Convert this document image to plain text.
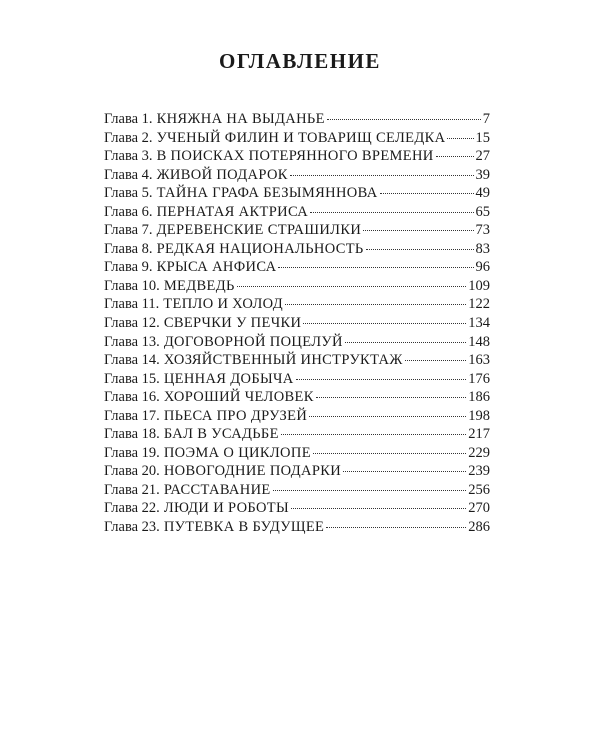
ОГЛАВЛЕНИЕ
Глава 1. КНЯЖНА НА ВЫДАНЬЕ	7
Глава 2. УЧЕНЫЙ ФИЛИН И ТОВАРИЩ СЕЛЕДКА 15
Глава 3. В ПОИСКАХ ПОТЕРЯННОГО ВРЕМЕНИ	27
Глава 4. ЖИВОЙ ПОДАРОК	39
Глава 5. ТАЙНА ГРАФА БЕЗЫМЯННОВА	49
Глава 6. ПЕРНАТАЯ АКТРИСА	65
Глава 7. ДЕРЕВЕНСКИЕ СТРАШИЛКИ	73
Глава 8. РЕДКАЯ НАЦИОНАЛЬНОСТЬ	83
Глава 9. КРЫСА АНФИСА	96
Глава 10. МЕДВЕДЬ	109
Глава 11. ТЕПЛО И ХОЛОД	122
Глава 12. СВЕРЧКИ У ПЕЧКИ	134
Глава 13. ДОГОВОРНОЙ ПОЦЕЛУЙ	148
Глава 14. ХОЗЯЙСТВЕННЫЙ ИНСТРУКТАЖ	163
Глава 15. ЦЕННАЯ ДОБЫЧА	176
Глава 16. ХОРОШИЙ ЧЕЛОВЕК	186
Глава 17. ПЬЕСА ПРО ДРУЗЕЙ	198
Глава 18. БАЛ В УСАДЬБЕ	217
Глава 19. ПОЭМА О ЦИКЛОПЕ	229
Глава 20. НОВОГОДНИЕ ПОДАРКИ	239
Глава 21. РАССТАВАНИЕ	256
Глава 22. ЛЮДИ И РОБОТЫ	270
Глава 23. ПУТЕВКА В БУДУЩЕЕ	286
